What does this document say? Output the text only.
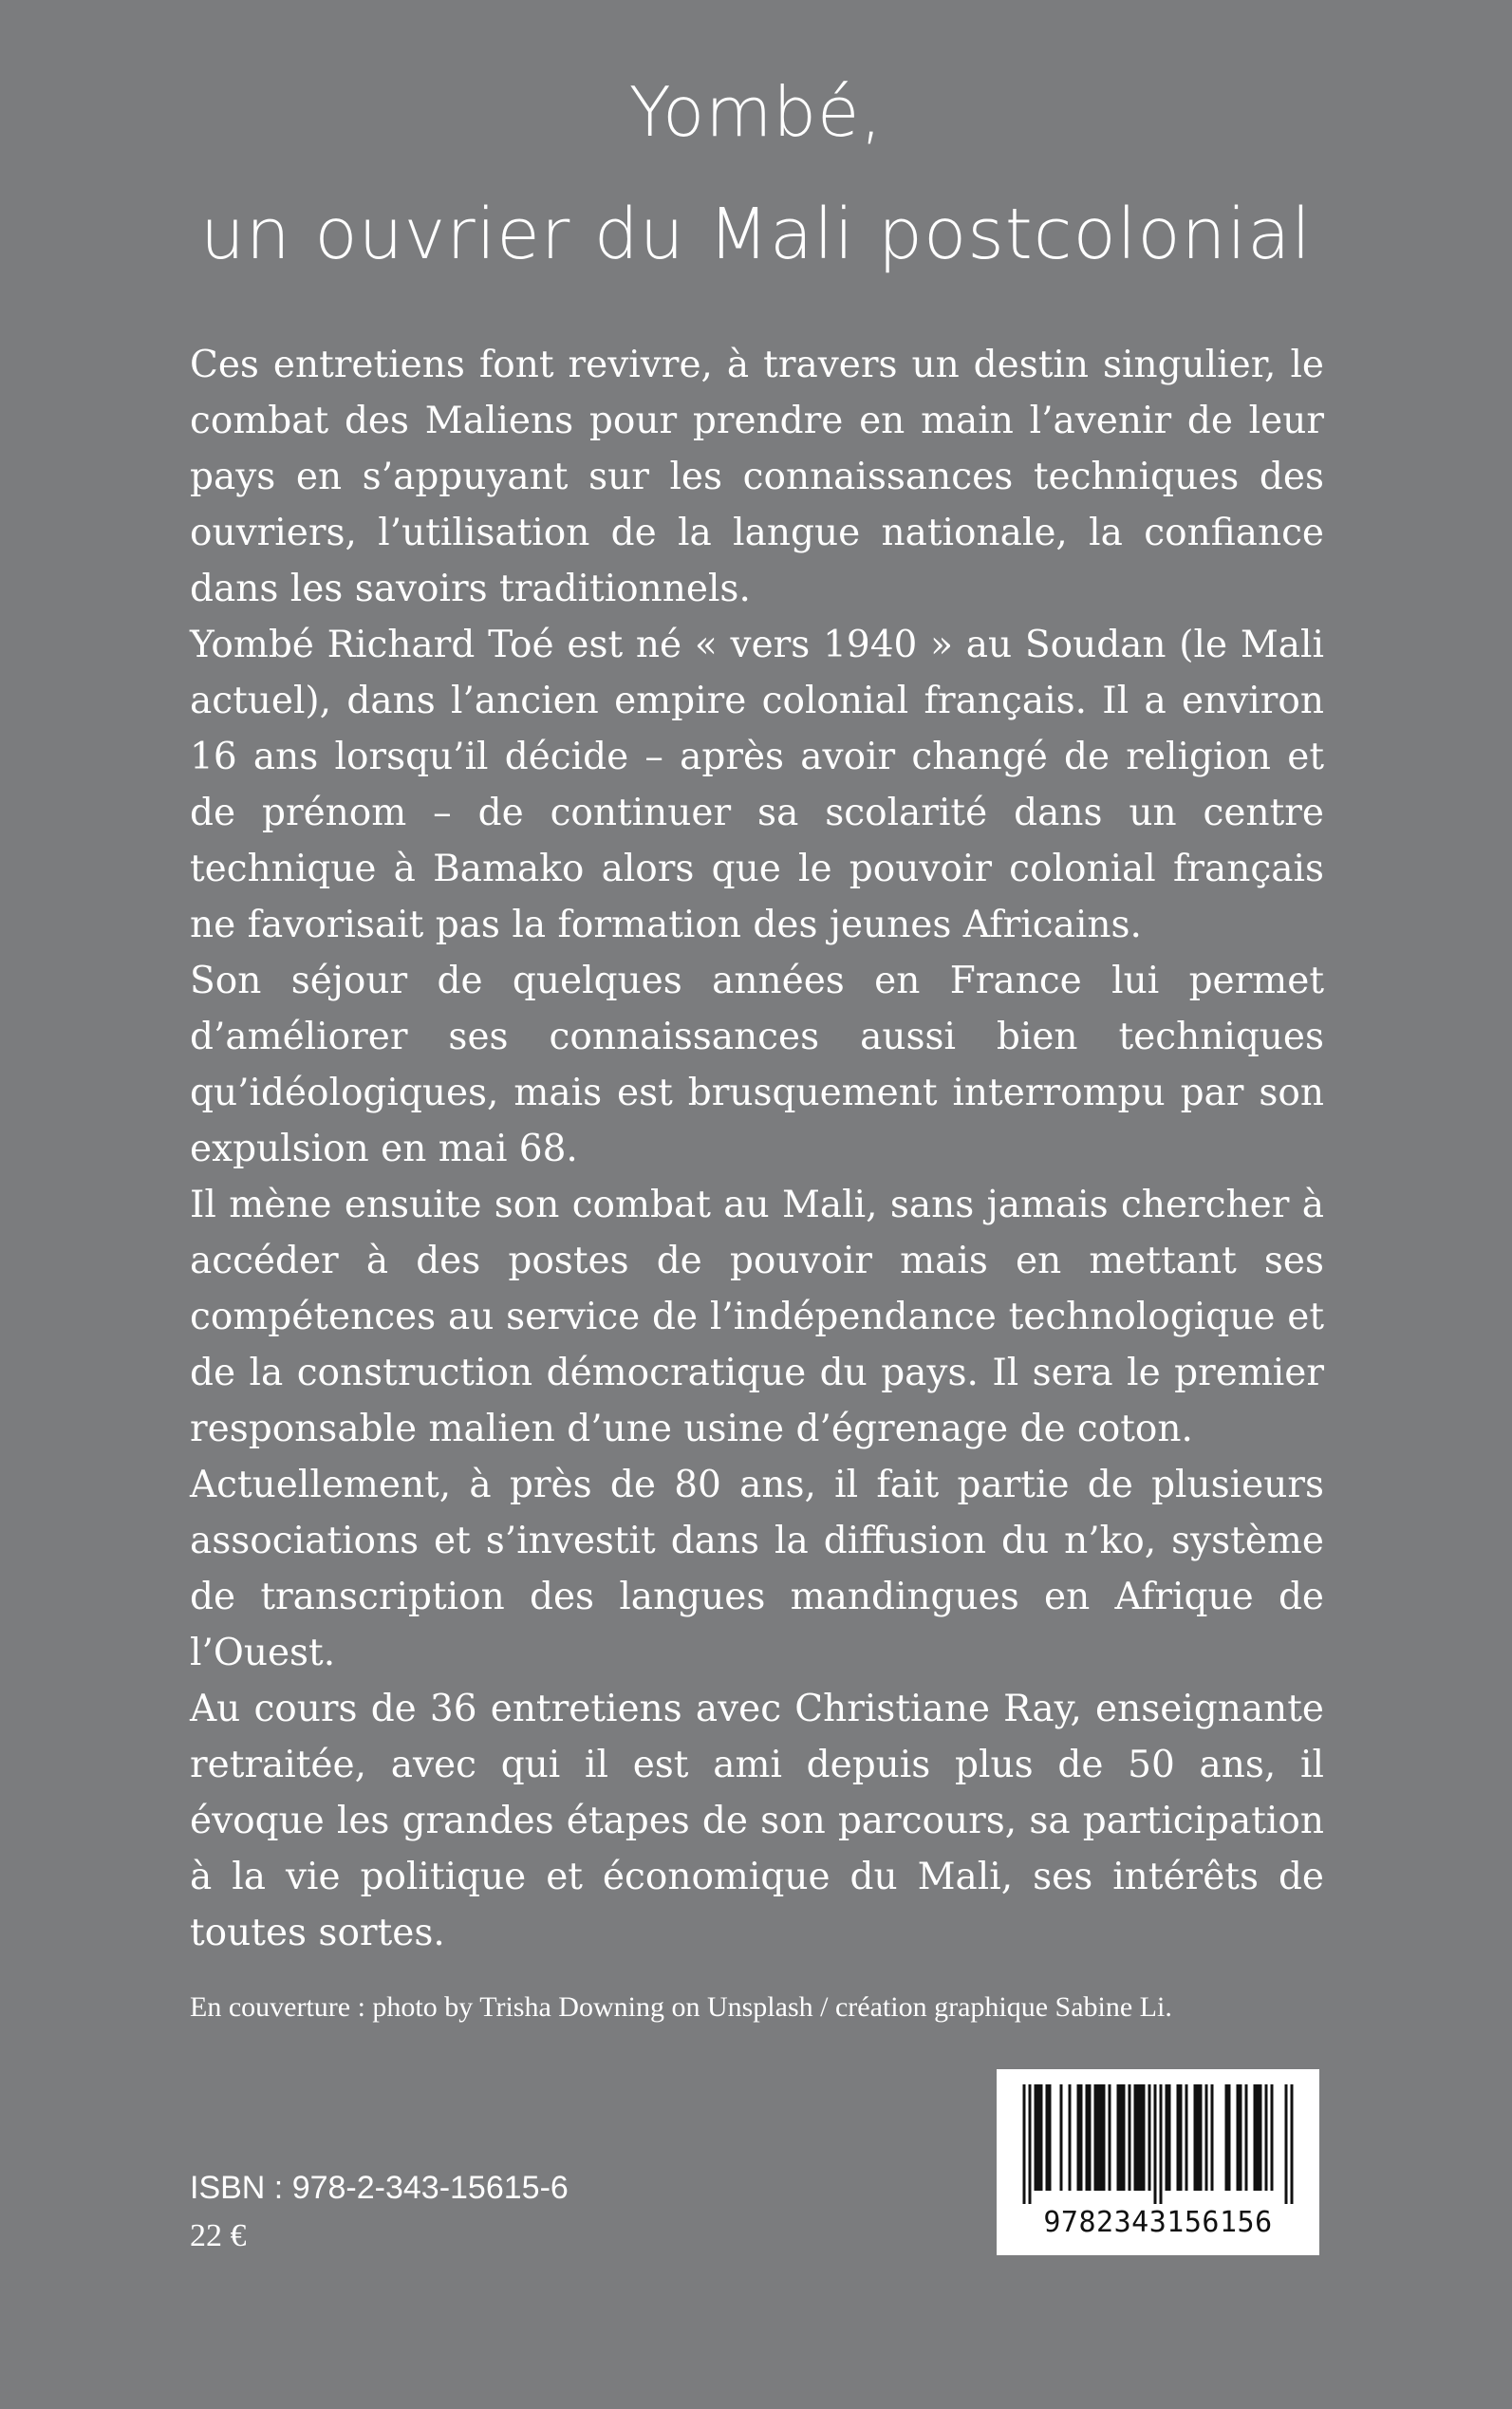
Yombé,
un ouvrier du Mali postcolonial

Ces entretiens font revivre, à travers un destin singulier, le combat des Maliens pour prendre en main l’avenir de leur pays en s’appuyant sur les connaissances techniques des ouvriers, l’utilisation de la langue nationale, la confiance dans les savoirs traditionnels.

Yombé Richard Toé est né « vers 1940 » au Soudan (le Mali actuel), dans l’ancien empire colonial français. Il a environ 16 ans lorsqu’il décide – après avoir changé de religion et de prénom – de continuer sa scolarité dans un centre technique à Bamako alors que le pouvoir colonial français ne favorisait pas la formation des jeunes Africains.

Son séjour de quelques années en France lui permet d’améliorer ses connaissances aussi bien techniques qu’idéologiques, mais est brusquement interrompu par son expulsion en mai 68.

Il mène ensuite son combat au Mali, sans jamais chercher à accéder à des postes de pouvoir mais en mettant ses compétences au service de l’indépendance technologique et de la construction démocratique du pays. Il sera le premier responsable malien d’une usine d’égrenage de coton.

Actuellement, à près de 80 ans, il fait partie de plusieurs associations et s’investit dans la diffusion du n’ko, système de transcription des langues mandingues en Afrique de l’Ouest.

Au cours de 36 entretiens avec Christiane Ray, enseignante retraitée, avec qui il est ami depuis plus de 50 ans, il évoque les grandes étapes de son parcours, sa participation à la vie politique et économique du Mali, ses intérêts de toutes sortes.

En couverture : photo by Trisha Downing on Unsplash / création graphique Sabine Li.
ISBN : 978-2-343-15615-6
22 €	9782343156156
